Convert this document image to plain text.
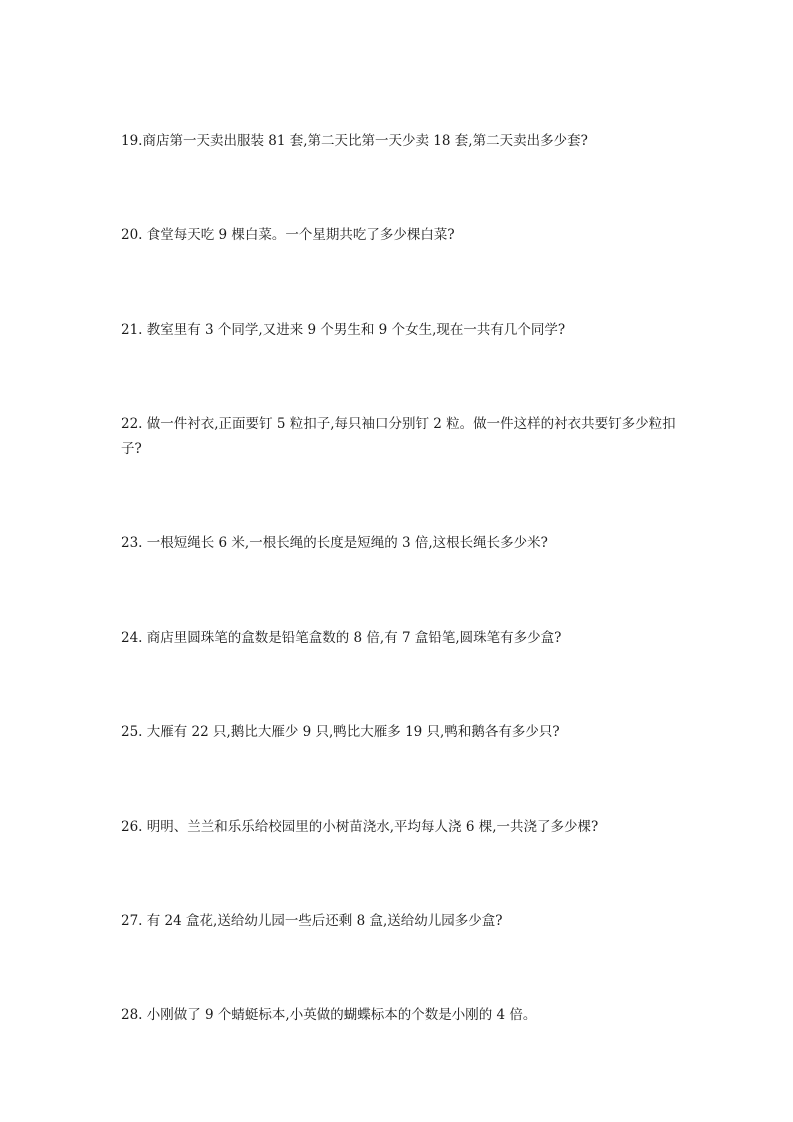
19.商店第一天卖出服装 81 套,第二天比第一天少卖 18 套,第二天卖出多少套?

20. 食堂每天吃 9 棵白菜。一个星期共吃了多少棵白菜?

21. 教室里有 3 个同学,又进来 9 个男生和 9 个女生,现在一共有几个同学?

22. 做一件衬衣,正面要钉 5 粒扣子,每只袖口分别钉 2 粒。做一件这样的衬衣共要钉多少粒扣子?

23. 一根短绳长 6 米,一根长绳的长度是短绳的 3 倍,这根长绳长多少米?

24. 商店里圆珠笔的盒数是铅笔盒数的 8 倍,有 7 盒铅笔,圆珠笔有多少盒?

25. 大雁有 22 只,鹅比大雁少 9 只,鸭比大雁多 19 只,鸭和鹅各有多少只?

26. 明明、兰兰和乐乐给校园里的小树苗浇水,平均每人浇 6 棵,一共浇了多少棵?

27. 有 24 盒花,送给幼儿园一些后还剩 8 盒,送给幼儿园多少盒?

28. 小刚做了 9 个蜻蜓标本,小英做的蝴蝶标本的个数是小刚的 4 倍。
